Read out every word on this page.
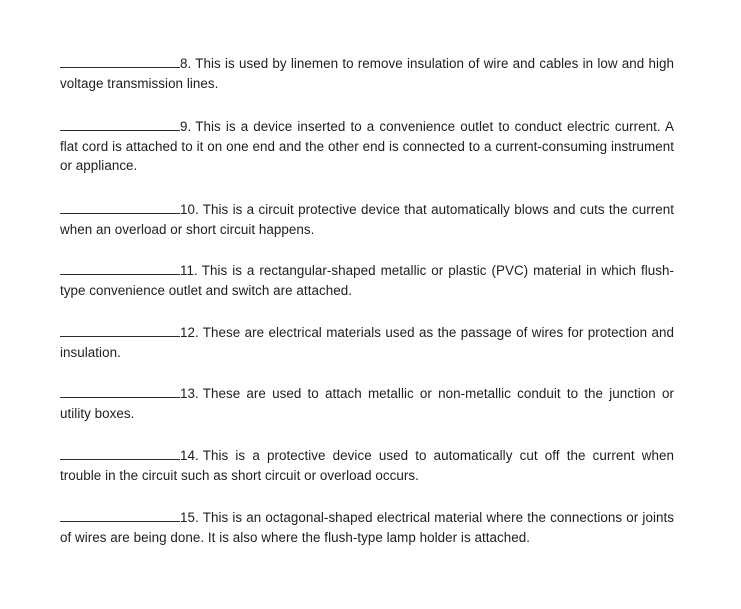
8. This is used by linemen to remove insulation of wire and cables in low and high voltage transmission lines.
9. This is a device inserted to a convenience outlet to conduct electric current. A flat cord is attached to it on one end and the other end is connected to a current-consuming instrument or appliance.
10. This is a circuit protective device that automatically blows and cuts the current when an overload or short circuit happens.
11. This is a rectangular-shaped metallic or plastic (PVC) material in which flush-type convenience outlet and switch are attached.
12. These are electrical materials used as the passage of wires for protection and insulation.
13. These are used to attach metallic or non-metallic conduit to the junction or utility boxes.
14. This is a protective device used to automatically cut off the current when trouble in the circuit such as short circuit or overload occurs.
15. This is an octagonal-shaped electrical material where the connections or joints of wires are being done. It is also where the flush-type lamp holder is attached.
